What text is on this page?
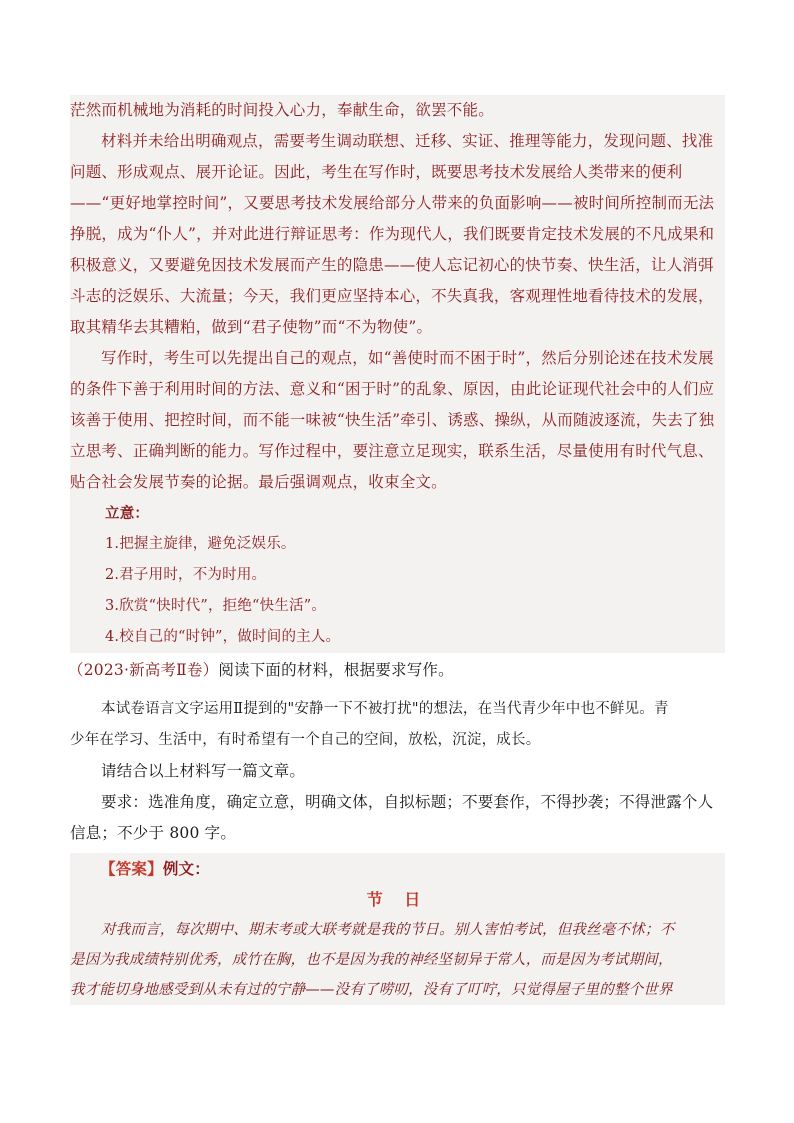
茫然而机械地为消耗的时间投入心力，奉献生命，欲罢不能。
材料并未给出明确观点，需要考生调动联想、迁移、实证、推理等能力，发现问题、找准
问题、形成观点、展开论证。因此，考生在写作时，既要思考技术发展给人类带来的便利
——“更好地掌控时间”，又要思考技术发展给部分人带来的负面影响——被时间所控制而无法
挣脱，成为“仆人”，并对此进行辩证思考：作为现代人，我们既要肯定技术发展的不凡成果和
积极意义，又要避免因技术发展而产生的隐患——使人忘记初心的快节奏、快生活，让人消弭
斗志的泛娱乐、大流量；今天，我们更应坚持本心，不失真我，客观理性地看待技术的发展，
取其精华去其糟粕，做到“君子使物”而“不为物使”。
写作时，考生可以先提出自己的观点，如“善使时而不困于时”，然后分别论述在技术发展
的条件下善于利用时间的方法、意义和“困于时”的乱象、原因，由此论证现代社会中的人们应
该善于使用、把控时间，而不能一味被“快生活”牵引、诱惑、操纵，从而随波逐流，失去了独
立思考、正确判断的能力。写作过程中，要注意立足现实，联系生活，尽量使用有时代气息、
贴合社会发展节奏的论据。最后强调观点，收束全文。
立意：
1.把握主旋律，避免泛娱乐。
2.君子用时，不为时用。
3.欣赏“快时代”，拒绝“快生活”。
4.校自己的“时钟”，做时间的主人。
（2023·新高考Ⅱ卷）阅读下面的材料，根据要求写作。
本试卷语言文字运用Ⅱ提到的"安静一下不被打扰"的想法，在当代青少年中也不鲜见。青
少年在学习、生活中，有时希望有一个自己的空间，放松，沉淀，成长。
请结合以上材料写一篇文章。
要求：选准角度，确定立意，明确文体，自拟标题；不要套作，不得抄袭；不得泄露个人
信息；不少于 800 字。
【答案】例文：
节 日
对我而言，每次期中、期末考或大联考就是我的节日。别人害怕考试，但我丝毫不怵；不
是因为我成绩特别优秀，成竹在胸，也不是因为我的神经坚韧异于常人，而是因为考试期间，
我才能切身地感受到从未有过的宁静——没有了唠叨，没有了叮咛，只觉得屋子里的整个世界
